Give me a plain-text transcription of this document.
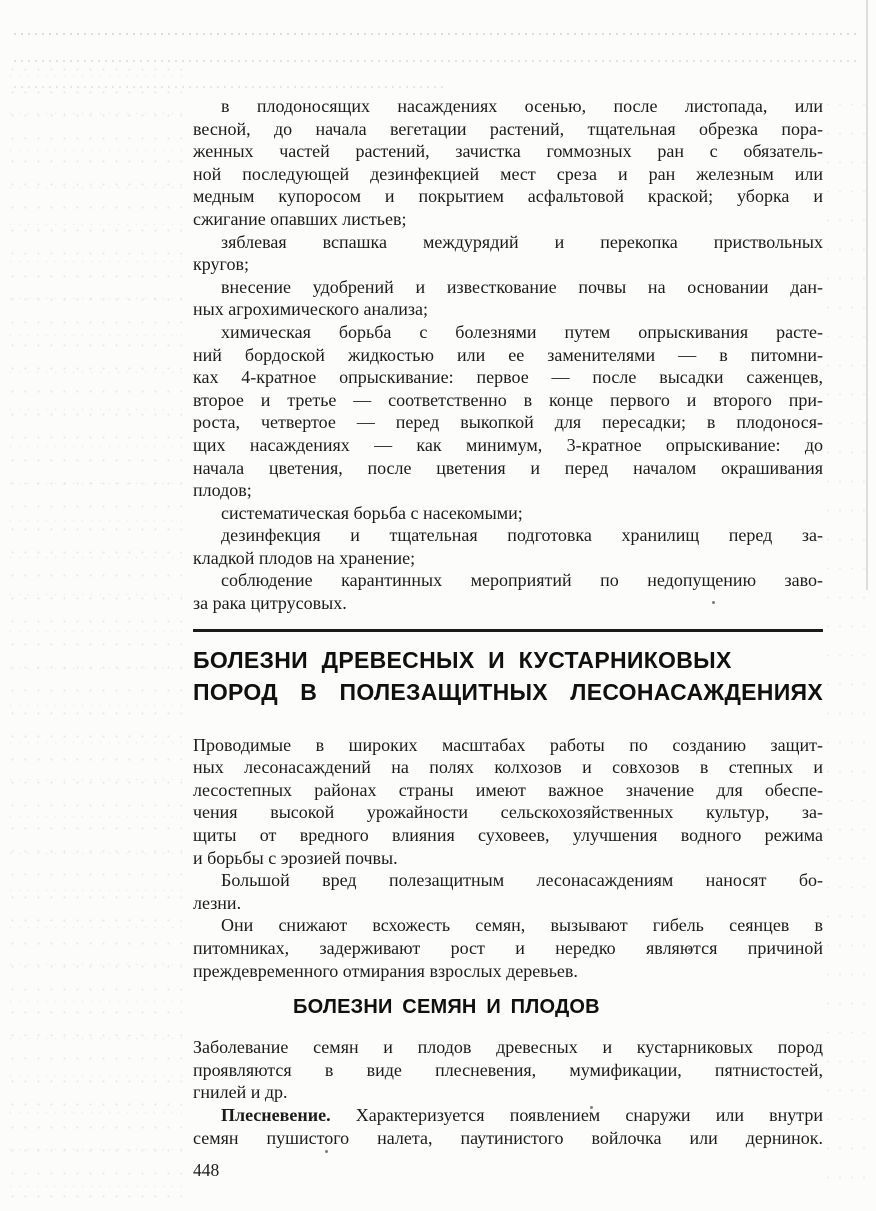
в плодоносящих насаждениях осенью, после листопада, или
весной, до начала вегетации растений, тщательная обрезка пора-
женных частей растений, зачистка гоммозных ран с обязатель-
ной последующей дезинфекцией мест среза и ран железным или
медным купоросом и покрытием асфальтовой краской; уборка и
сжигание опавших листьев;
зяблевая вспашка междурядий и перекопка приствольных
кругов;
внесение удобрений и известкование почвы на основании дан-
ных агрохимического анализа;
химическая борьба с болезнями путем опрыскивания расте-
ний бордоской жидкостью или ее заменителями — в питомни-
ках 4-кратное опрыскивание: первое — после высадки саженцев,
второе и третье — соответственно в конце первого и второго при-
роста, четвертое — перед выкопкой для пересадки; в плодонося-
щих насаждениях — как минимум, 3-кратное опрыскивание: до
начала цветения, после цветения и перед началом окрашивания
плодов;
систематическая борьба с насекомыми;
дезинфекция и тщательная подготовка хранилищ перед за-
кладкой плодов на хранение;
соблюдение карантинных мероприятий по недопущению заво-
за рака цитрусовых.
БОЛЕЗНИ ДРЕВЕСНЫХ И КУСТАРНИКОВЫХ
ПОРОД В ПОЛЕЗАЩИТНЫХ ЛЕСОНАСАЖДЕНИЯХ
Проводимые в широких масштабах работы по созданию защит-
ных лесонасаждений на полях колхозов и совхозов в степных и
лесостепных районах страны имеют важное значение для обеспе-
чения высокой урожайности сельскохозяйственных культур, за-
щиты от вредного влияния суховеев, улучшения водного режима
и борьбы с эрозией почвы.
Большой вред полезащитным лесонасаждениям наносят бо-
лезни.
Они снижают всхожесть семян, вызывают гибель сеянцев в
питомниках, задерживают рост и нередко являются причиной
преждевременного отмирания взрослых деревьев.
БОЛЕЗНИ СЕМЯН И ПЛОДОВ
Заболевание семян и плодов древесных и кустарниковых пород
проявляются в виде плесневения, мумификации, пятнистостей,
гнилей и др.
Плесневение. Характеризуется появлением снаружи или внутри
семян пушистого налета, паутинистого войлочка или дернинок.
448
